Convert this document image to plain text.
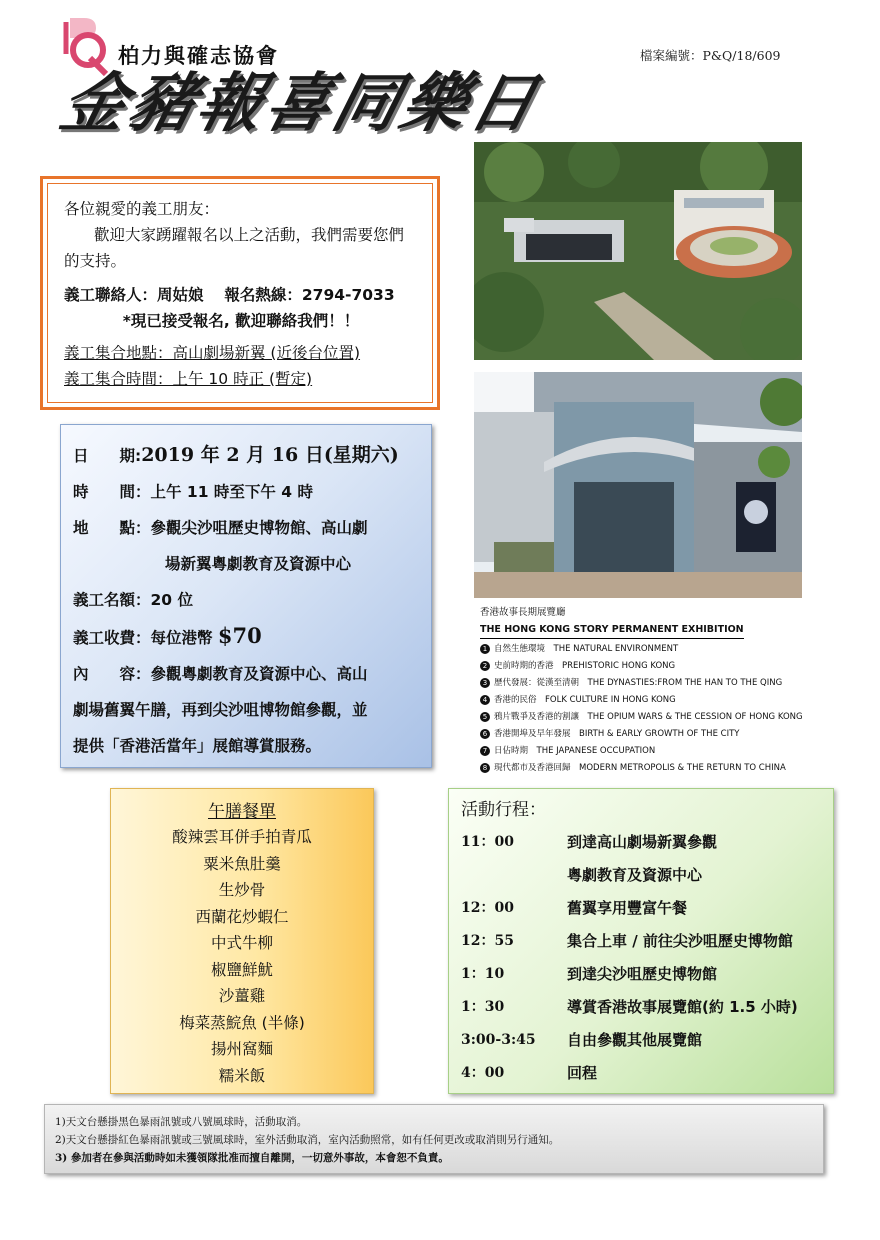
柏力與確志協會	檔案編號：P&Q/18/609
金豬報喜同樂日

各位親愛的義工朋友：

歡迎大家踴躍報名以上之活動，我們需要您們的支持。

義工聯絡人：周姑娘　 報名熱線：2794-7033

*現已接受報名, 歡迎聯絡我們！！

義工集合地點：高山劇場新翼 (近後台位置)

義工集合時間：上午 10 時正 (暫定)

日　　期:2019 年 2 月 16 日(星期六)

時　　間：上午 11 時至下午 4 時

地　　點：參觀尖沙咀歷史博物館、高山劇

場新翼粵劇教育及資源中心

義工名額：20 位

義工收費：每位港幣 $70

內　　容：參觀粵劇教育及資源中心、高山

劇場舊翼午膳，再到尖沙咀博物館參觀，並

提供「香港活當年」展館導賞服務。

香港故事長期展覽廳
THE HONG KONG STORY PERMANENT EXHIBITION
1 自然生態環境　THE NATURAL ENVIRONMENT
2 史前時期的香港　PREHISTORIC HONG KONG
3 歷代發展：從漢至清朝　THE DYNASTIES:FROM THE HAN TO THE QING
4 香港的民俗　FOLK CULTURE IN HONG KONG
5 鴉片戰爭及香港的割讓　THE OPIUM WARS & THE CESSION OF HONG KONG
6 香港開埠及早年發展　BIRTH & EARLY GROWTH OF THE CITY
7 日佔時期　THE JAPANESE OCCUPATION
8 現代都市及香港回歸　MODERN METROPOLIS & THE RETURN TO CHINA
午膳餐單
酸辣雲耳併手拍青瓜
粟米魚肚羹
生炒骨
西蘭花炒蝦仁
中式牛柳
椒鹽鮮魷
沙薑雞
梅菜蒸鯇魚 (半條)
揚州窩麵
糯米飯
活動行程：
11：00	到達高山劇場新翼參觀
粵劇教育及資源中心
12：00	舊翼享用豐富午餐
12：55	集合上車 / 前往尖沙咀歷史博物館
1：10	到達尖沙咀歷史博物館
1：30	導賞香港故事展覽館(約 1.5 小時)
3:00-3:45	自由參觀其他展覽館
4：00	回程

1)天文台懸掛黑色暴雨訊號或八號風球時，活動取消。

2)天文台懸掛紅色暴雨訊號或三號風球時，室外活動取消，室內活動照常，如有任何更改或取消則另行通知。

3) 參加者在參與活動時如未獲領隊批准而擅自離開，一切意外事故，本會恕不負責。
